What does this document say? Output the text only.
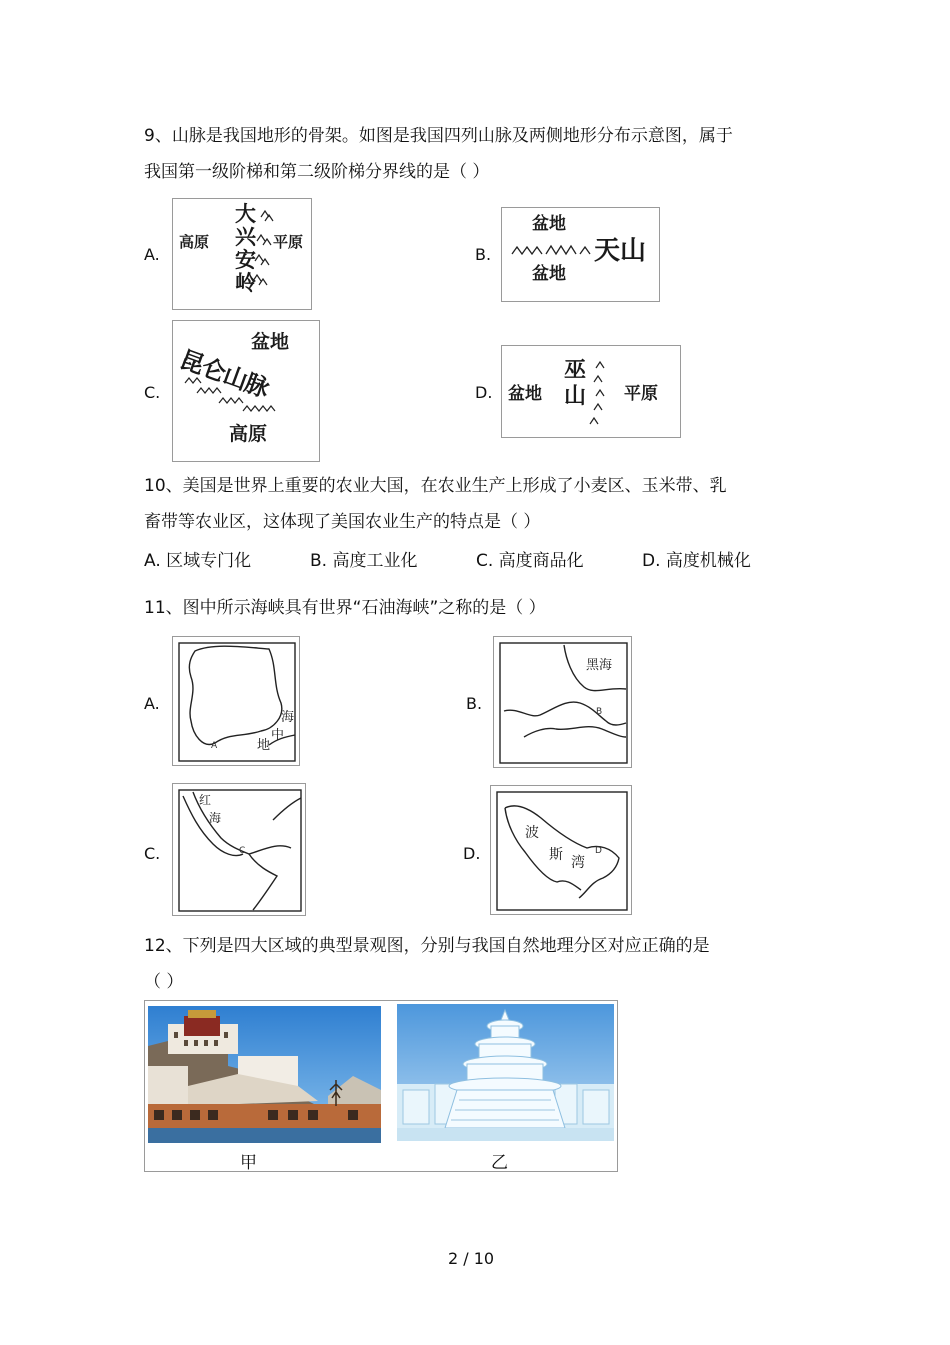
9、山脉是我国地形的骨架。如图是我国四列山脉及两侧地形分布示意图，属于
我国第一级阶梯和第二级阶梯分界线的是（ ）
A.
高原
大兴安岭
平原
B.
盆地
盆地
天山
C.
盆地
昆仑山脉
高原
D. 盆地
巫山 平原
10、美国是世界上重要的农业大国，在农业生产上形成了小麦区、玉米带、乳
畜带等农业区，这体现了美国农业生产的特点是（ ）
A. 区域专门化	B. 高度工业化	C. 高度商品化	D. 高度机械化
11、图中所示海峡具有世界“石油海峡”之称的是（ ）
A.
海
中
地
A
B.
黑海
B
C.
红
海
C	D.
波
斯 湾
D
12、下列是四大区域的典型景观图，分别与我国自然地理分区对应正确的是
（ ）
甲	乙
2 / 10
